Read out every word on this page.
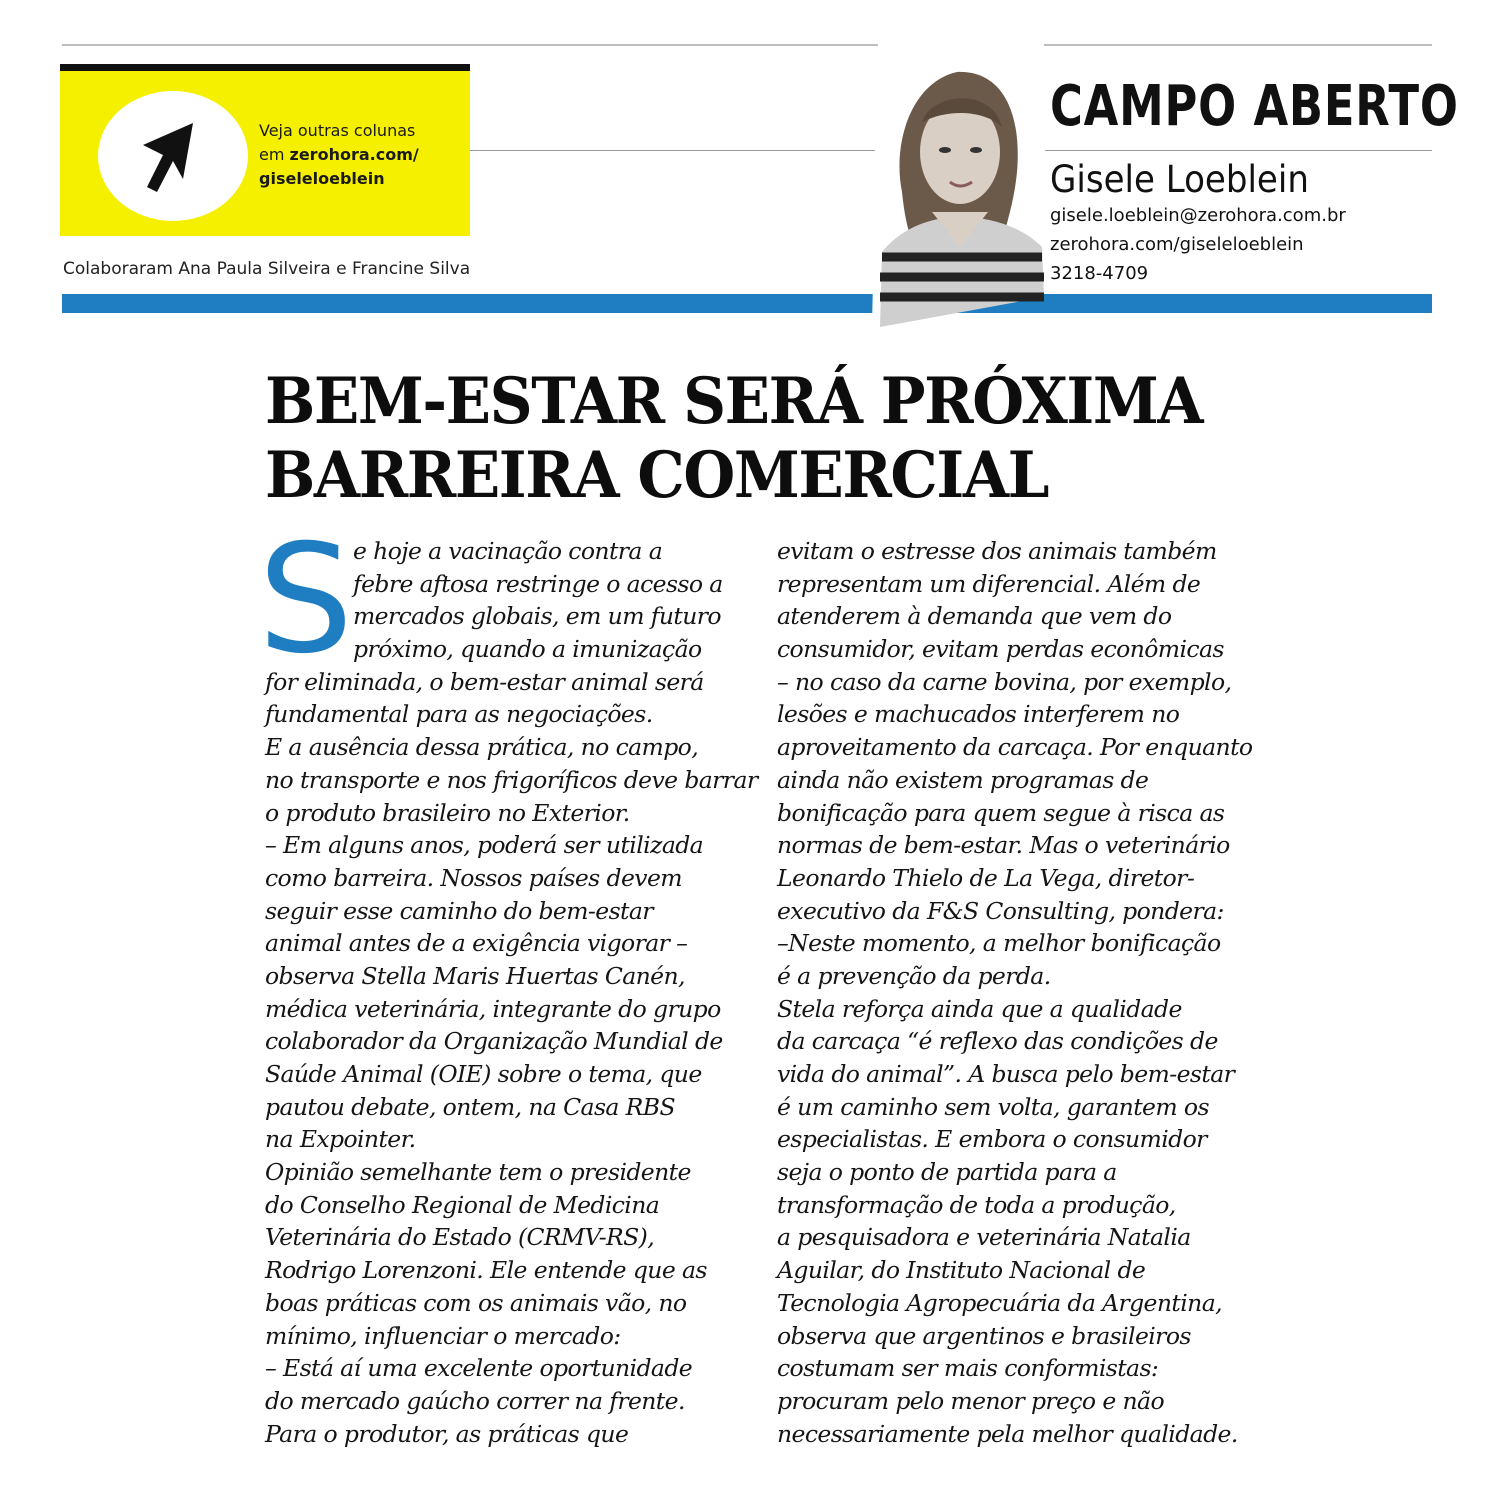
Veja outras colunas
em zerohora.com/
giseleloeblein
Colaboraram Ana Paula Silveira e Francine Silva
CAMPO ABERTO
Gisele Loeblein
gisele.loeblein@zerohora.com.br
zerohora.com/giseleloeblein
3218-4709
BEM-ESTAR SERÁ PRÓXIMA
BARREIRA COMERCIAL
S e hoje a vacinação contra a
febre aftosa restringe o acesso a
mercados globais, em um futuro
próximo, quando a imunização
for eliminada, o bem-estar animal será
fundamental para as negociações.
E a ausência dessa prática, no campo,
no transporte e nos frigoríficos deve barrar
o produto brasileiro no Exterior.
– Em alguns anos, poderá ser utilizada
como barreira. Nossos países devem
seguir esse caminho do bem-estar
animal antes de a exigência vigorar –
observa Stella Maris Huertas Canén,
médica veterinária, integrante do grupo
colaborador da Organização Mundial de
Saúde Animal (OIE) sobre o tema, que
pautou debate, ontem, na Casa RBS
na Expointer.
Opinião semelhante tem o presidente
do Conselho Regional de Medicina
Veterinária do Estado (CRMV-RS),
Rodrigo Lorenzoni. Ele entende que as
boas práticas com os animais vão, no
mínimo, influenciar o mercado:
– Está aí uma excelente oportunidade
do mercado gaúcho correr na frente.
Para o produtor, as práticas que
evitam o estresse dos animais também
representam um diferencial. Além de
atenderem à demanda que vem do
consumidor, evitam perdas econômicas
– no caso da carne bovina, por exemplo,
lesões e machucados interferem no
aproveitamento da carcaça. Por enquanto
ainda não existem programas de
bonificação para quem segue à risca as
normas de bem-estar. Mas o veterinário
Leonardo Thielo de La Vega, diretor-
executivo da F&S Consulting, pondera:
–Neste momento, a melhor bonificação
é a prevenção da perda.
Stela reforça ainda que a qualidade
da carcaça “é reflexo das condições de
vida do animal”. A busca pelo bem-estar
é um caminho sem volta, garantem os
especialistas. E embora o consumidor
seja o ponto de partida para a
transformação de toda a produção,
a pesquisadora e veterinária Natalia
Aguilar, do Instituto Nacional de
Tecnologia Agropecuária da Argentina,
observa que argentinos e brasileiros
costumam ser mais conformistas:
procuram pelo menor preço e não
necessariamente pela melhor qualidade.
